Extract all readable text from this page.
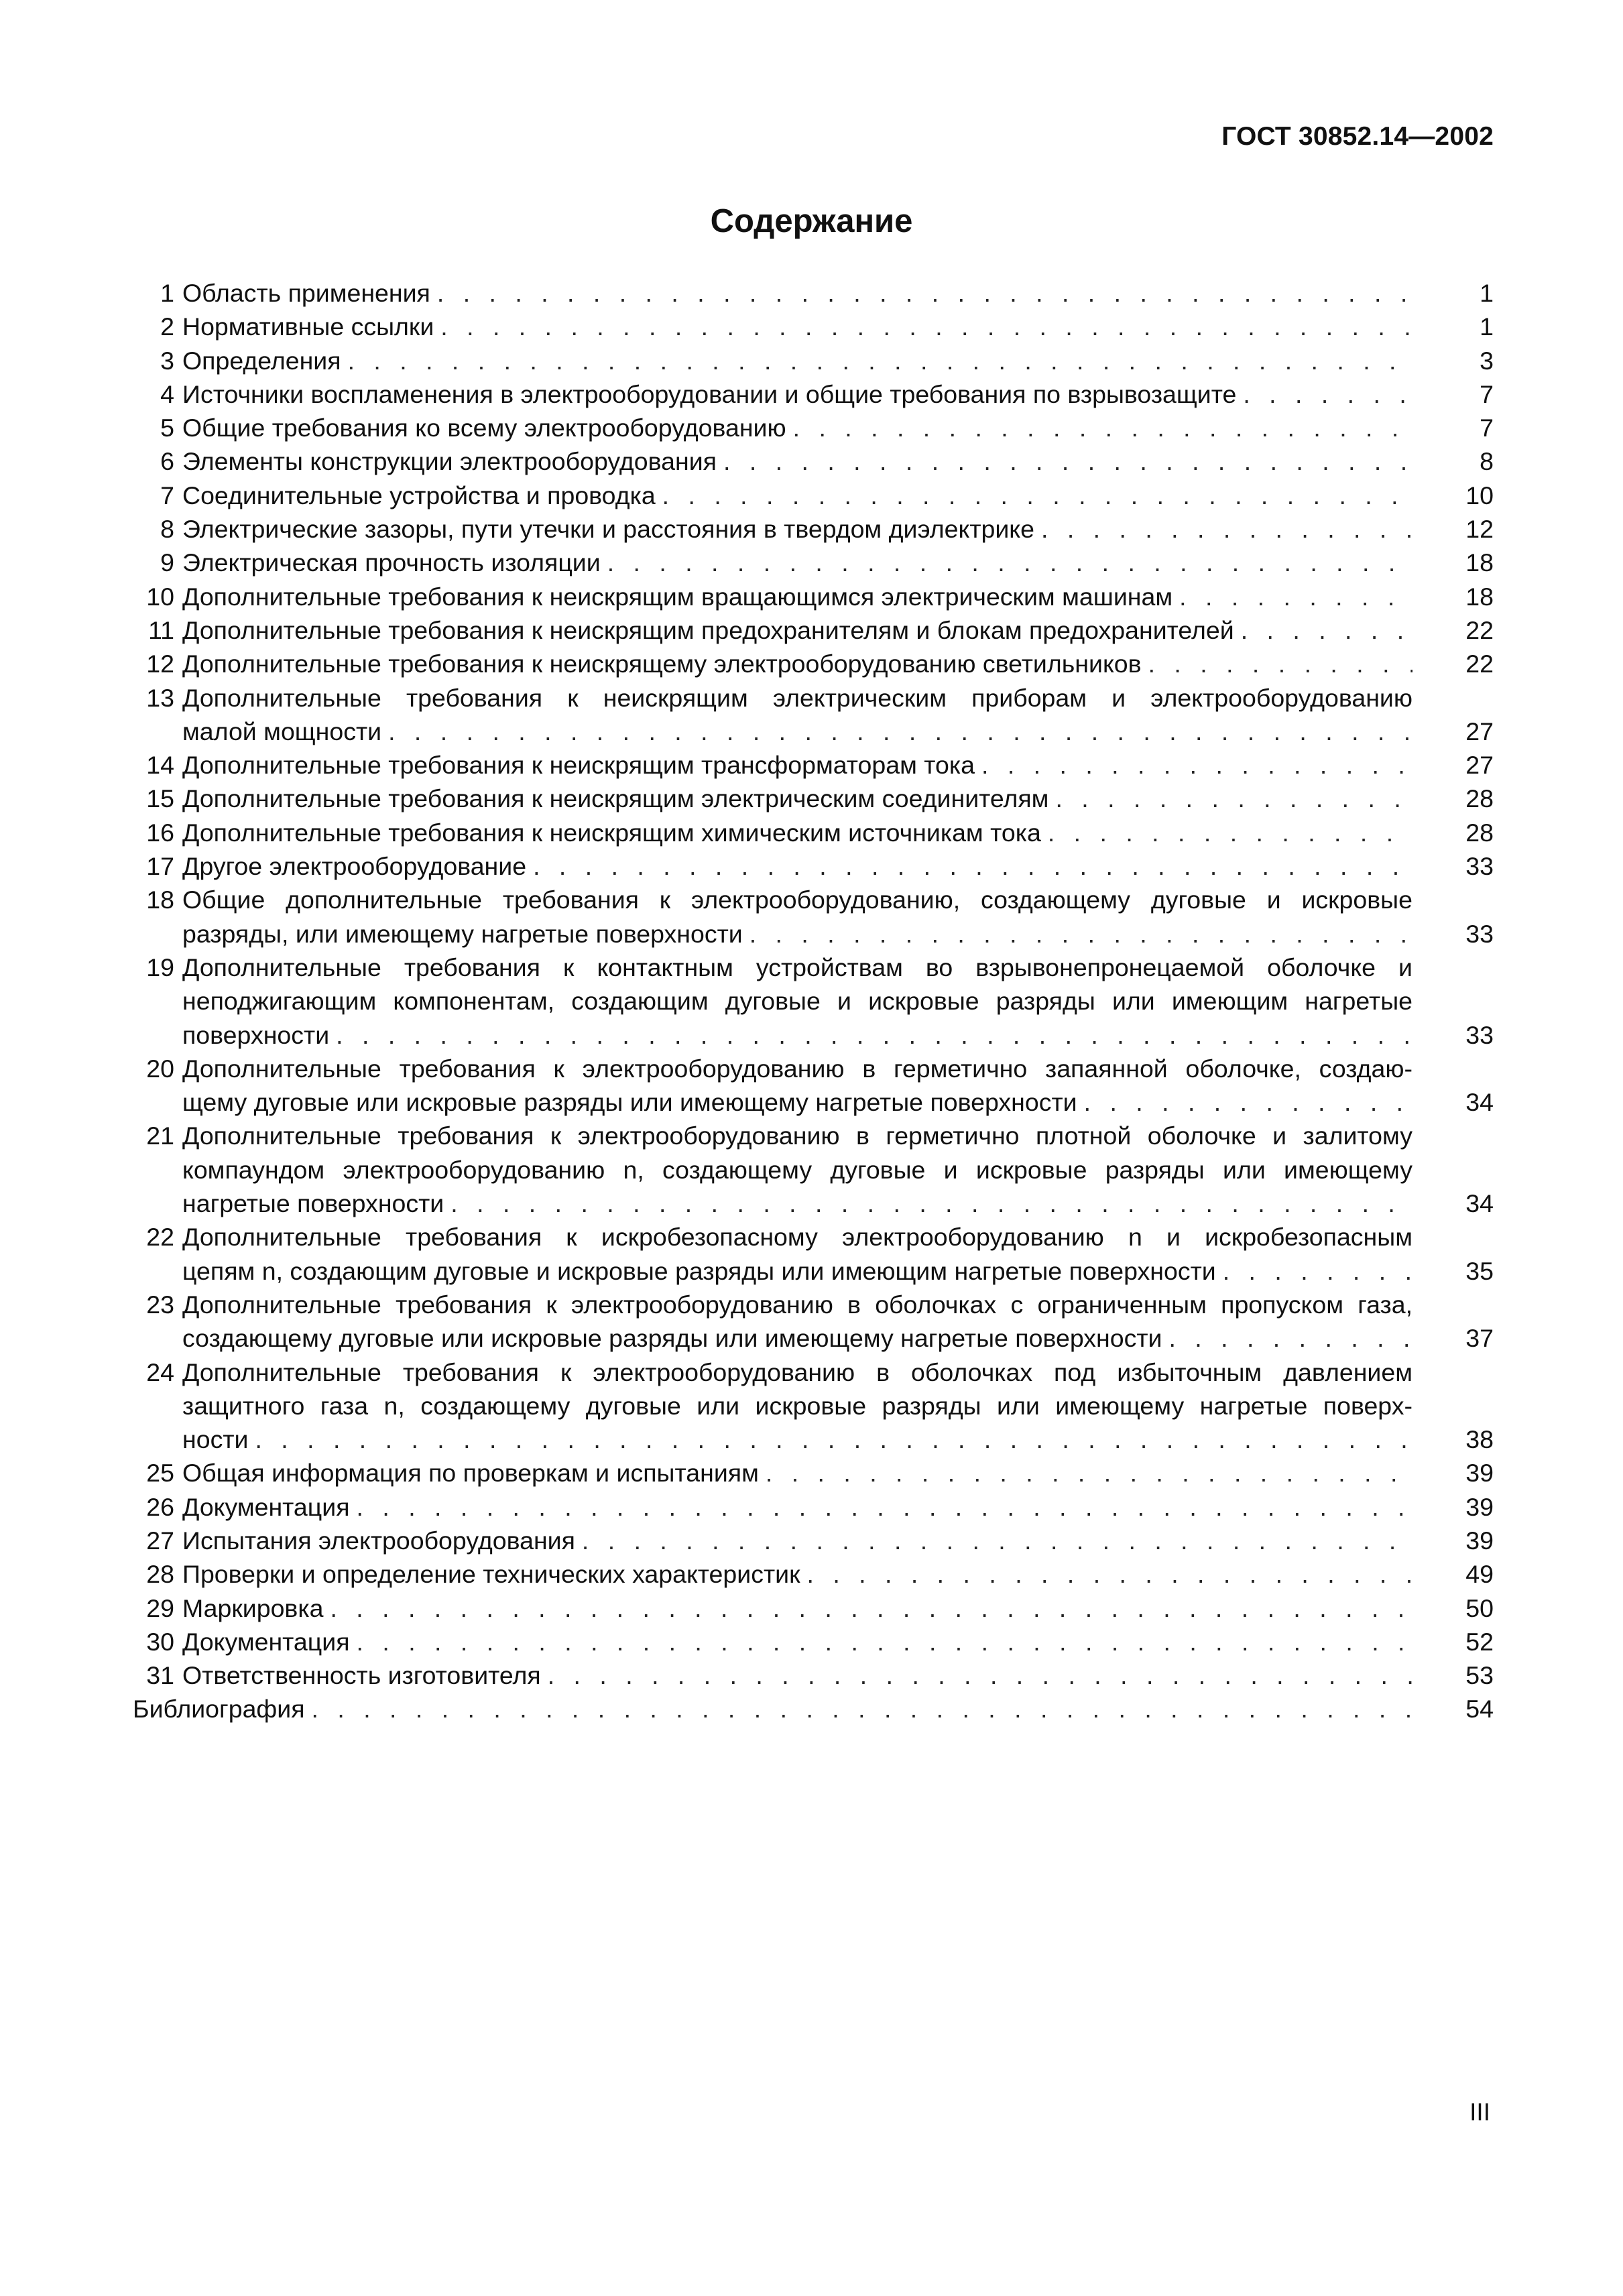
ГОСТ 30852.14—2002
Содержание
1 Область применения . . .	1
2 Нормативные ссылки . . .	1
3 Определения . . .	3
4 Источники воспламенения в электрооборудовании и общие требования по взрывозащите . . .	7
5 Общие требования ко всему электрооборудованию . . .	7
6 Элементы конструкции электрооборудования . . .	8
7 Соединительные устройства и проводка . . .	10
8 Электрические зазоры, пути утечки и расстояния в твердом диэлектрике . . .	12
9 Электрическая прочность изоляции . . .	18
10 Дополнительные требования к неискрящим вращающимся электрическим машинам . . .	18
11 Дополнительные требования к неискрящим предохранителям и блокам предохранителей . . .	22
12 Дополнительные требования к неискрящему электрооборудованию светильников . . .	22
13 Дополнительные требования к неискрящим электрическим приборам и электрооборудованию

малой мощности . . .	27
14 Дополнительные требования к неискрящим трансформаторам тока . . .	27
15 Дополнительные требования к неискрящим электрическим соединителям . . .	28
16 Дополнительные требования к неискрящим химическим источникам тока . . .	28
17 Другое электрооборудование . . .	33
18 Общие дополнительные требования к электрооборудованию, создающему дуговые и искровые

разряды, или имеющему нагретые поверхности . . .	33
19 Дополнительные требования к контактным устройствам во взрывонепронецаемой оболочке и

неподжигающим компонентам, создающим дуговые и искровые разряды или имеющим нагретые

поверхности . . .	33
20 Дополнительные требования к электрооборудованию в герметично запаянной оболочке, создаю-

щему дуговые или искровые разряды или имеющему нагретые поверхности . . .	34
21 Дополнительные требования к электрооборудованию в герметично плотной оболочке и залитому

компаундом электрооборудованию n, создающему дуговые и искровые разряды или имеющему

нагретые поверхности . . .	34
22 Дополнительные требования к искробезопасному электрооборудованию n и искробезопасным

цепям n, создающим дуговые и искровые разряды или имеющим нагретые поверхности . . .	35
23 Дополнительные требования к электрооборудованию в оболочках с ограниченным пропуском газа,

создающему дуговые или искровые разряды или имеющему нагретые поверхности . . .	37
24 Дополнительные требования к электрооборудованию в оболочках под избыточным давлением

защитного газа n, создающему дуговые или искровые разряды или имеющему нагретые поверх-

ности . . .	38
25 Общая информация по проверкам и испытаниям . . .	39
26 Документация . . .	39
27 Испытания электрооборудования . . .	39
28 Проверки и определение технических характеристик . . .	49
29 Маркировка . . .	50
30 Документация . . .	52
31 Ответственность изготовителя . . .	53
Библиография . . .	54
III
